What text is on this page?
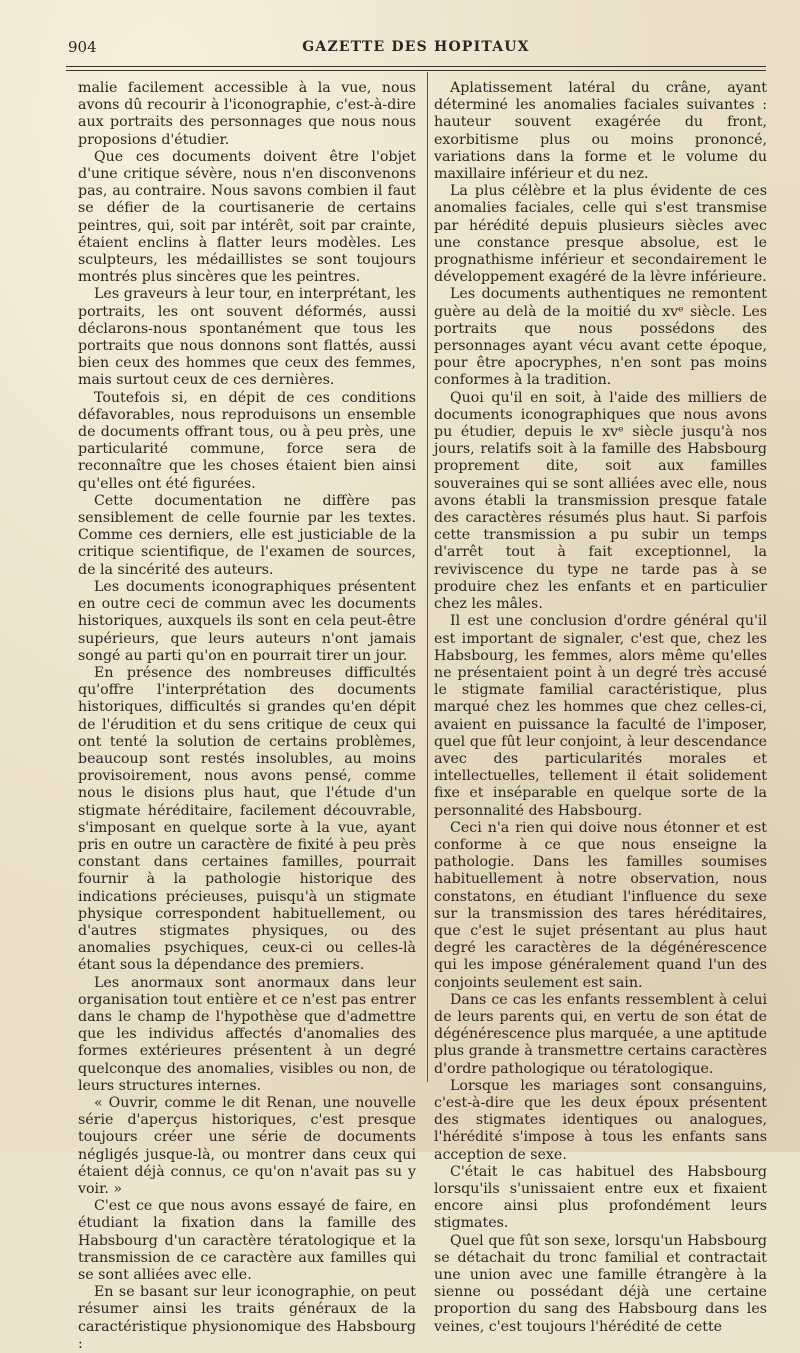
904	GAZETTE DES HOPITAUX

malie facilement accessible à la vue, nous avons dû recourir à l'iconographie, c'est-à-dire aux portraits des personnages que nous nous proposions d'étudier.

Que ces documents doivent être l'objet d'une critique sévère, nous n'en disconvenons pas, au contraire. Nous savons combien il faut se défier de la courtisanerie de certains peintres, qui, soit par intérêt, soit par crainte, étaient enclins à flatter leurs modèles. Les sculpteurs, les médaillistes se sont toujours montrés plus sincères que les peintres.

Les graveurs à leur tour, en interprétant, les portraits, les ont souvent déformés, aussi déclarons-nous spontanément que tous les portraits que nous donnons sont flattés, aussi bien ceux des hommes que ceux des femmes, mais surtout ceux de ces dernières.

Toutefois si, en dépit de ces conditions défavorables, nous reproduisons un ensemble de documents offrant tous, ou à peu près, une particularité commune, force sera de reconnaître que les choses étaient bien ainsi qu'elles ont été figurées.

Cette documentation ne diffère pas sensiblement de celle fournie par les textes. Comme ces derniers, elle est justiciable de la critique scientifique, de l'examen de sources, de la sincérité des auteurs.

Les documents iconographiques présentent en outre ceci de commun avec les documents historiques, auxquels ils sont en cela peut-être supérieurs, que leurs auteurs n'ont jamais songé au parti qu'on en pourrait tirer un jour.

En présence des nombreuses difficultés qu'offre l'interprétation des documents historiques, difficultés si grandes qu'en dépit de l'érudition et du sens critique de ceux qui ont tenté la solution de certains problèmes, beaucoup sont restés insolubles, au moins provisoirement, nous avons pensé, comme nous le disions plus haut, que l'étude d'un stigmate héréditaire, facilement découvrable, s'imposant en quelque sorte à la vue, ayant pris en outre un caractère de fixité à peu près constant dans certaines familles, pourrait fournir à la pathologie historique des indications précieuses, puisqu'à un stigmate physique correspondent habituellement, ou d'autres stigmates physiques, ou des anomalies psychiques, ceux-ci ou celles-là étant sous la dépendance des premiers.

Les anormaux sont anormaux dans leur organisation tout entière et ce n'est pas entrer dans le champ de l'hypothèse que d'admettre que les individus affectés d'anomalies des formes extérieures présentent à un degré quelconque des anomalies, visibles ou non, de leurs structures internes.

« Ouvrir, comme le dit Renan, une nouvelle série d'aperçus historiques, c'est presque toujours créer une série de documents négligés jusque-là, ou montrer dans ceux qui étaient déjà connus, ce qu'on n'avait pas su y voir. »

C'est ce que nous avons essayé de faire, en étudiant la fixation dans la famille des Habsbourg d'un caractère tératologique et la transmission de ce caractère aux familles qui se sont alliées avec elle.

En se basant sur leur iconographie, on peut résumer ainsi les traits généraux de la caractéristique physionomique des Habsbourg :

Aplatissement latéral du crâne, ayant déterminé les anomalies faciales suivantes : hauteur souvent exagérée du front, exorbitisme plus ou moins prononcé, variations dans la forme et le volume du maxillaire inférieur et du nez.

La plus célèbre et la plus évidente de ces anomalies faciales, celle qui s'est transmise par hérédité depuis plusieurs siècles avec une constance presque absolue, est le prognathisme inférieur et secondairement le développement exagéré de la lèvre inférieure.

Les documents authentiques ne remontent guère au delà de la moitié du xvᵉ siècle. Les portraits que nous possédons des personnages ayant vécu avant cette époque, pour être apocryphes, n'en sont pas moins conformes à la tradition.

Quoi qu'il en soit, à l'aide des milliers de documents iconographiques que nous avons pu étudier, depuis le xvᵉ siècle jusqu'à nos jours, relatifs soit à la famille des Habsbourg proprement dite, soit aux familles souveraines qui se sont alliées avec elle, nous avons établi la transmission presque fatale des caractères résumés plus haut. Si parfois cette transmission a pu subir un temps d'arrêt tout à fait exceptionnel, la reviviscence du type ne tarde pas à se produire chez les enfants et en particulier chez les mâles.

Il est une conclusion d'ordre général qu'il est important de signaler, c'est que, chez les Habsbourg, les femmes, alors même qu'elles ne présentaient point à un degré très accusé le stigmate familial caractéristique, plus marqué chez les hommes que chez celles-ci, avaient en puissance la faculté de l'imposer, quel que fût leur conjoint, à leur descendance avec des particularités morales et intellectuelles, tellement il était solidement fixe et inséparable en quelque sorte de la personnalité des Habsbourg.

Ceci n'a rien qui doive nous étonner et est conforme à ce que nous enseigne la pathologie. Dans les familles soumises habituellement à notre observation, nous constatons, en étudiant l'influence du sexe sur la transmission des tares héréditaires, que c'est le sujet présentant au plus haut degré les caractères de la dégénérescence qui les impose généralement quand l'un des conjoints seulement est sain.

Dans ce cas les enfants ressemblent à celui de leurs parents qui, en vertu de son état de dégénérescence plus marquée, a une aptitude plus grande à transmettre certains caractères d'ordre pathologique ou tératologique.

Lorsque les mariages sont consanguins, c'est-à-dire que les deux époux présentent des stigmates identiques ou analogues, l'hérédité s'impose à tous les enfants sans acception de sexe.

C'était le cas habituel des Habsbourg lorsqu'ils s'unissaient entre eux et fixaient encore ainsi plus profondément leurs stigmates.

Quel que fût son sexe, lorsqu'un Habsbourg se détachait du tronc familial et contractait une union avec une famille étrangère à la sienne ou possédant déjà une certaine proportion du sang des Habsbourg dans les veines, c'est toujours l'hérédité de cette
